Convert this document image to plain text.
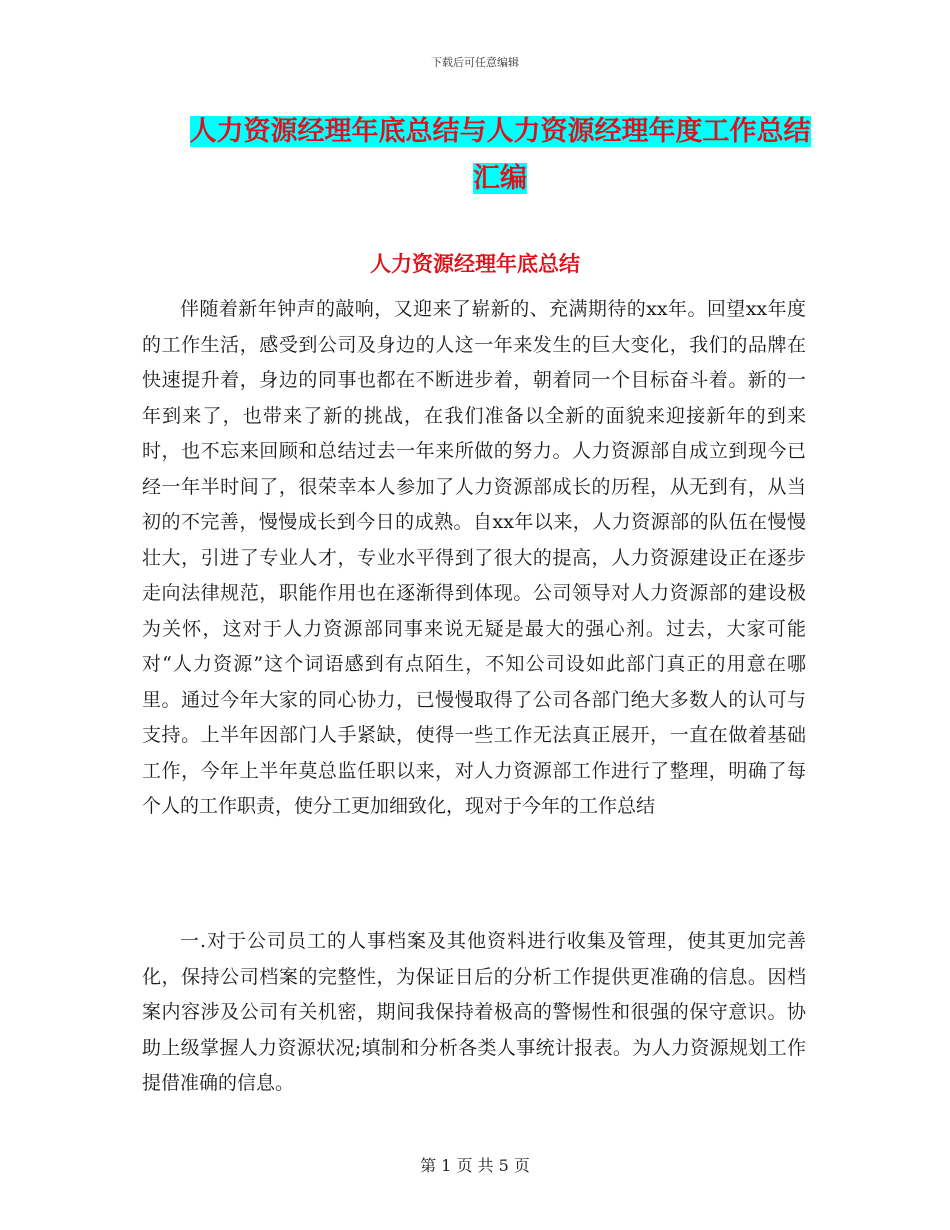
下载后可任意编辑
人力资源经理年底总结与人力资源经理年度工作总结汇编
人力资源经理年底总结

伴随着新年钟声的敲响，又迎来了崭新的、充满期待的xx年。回望xx年度的工作生活，感受到公司及身边的人这一年来发生的巨大变化，我们的品牌在快速提升着，身边的同事也都在不断进步着，朝着同一个目标奋斗着。新的一年到来了，也带来了新的挑战，在我们准备以全新的面貌来迎接新年的到来时，也不忘来回顾和总结过去一年来所做的努力。人力资源部自成立到现今已经一年半时间了，很荣幸本人参加了人力资源部成长的历程，从无到有，从当初的不完善，慢慢成长到今日的成熟。自xx年以来，人力资源部的队伍在慢慢壮大，引进了专业人才，专业水平得到了很大的提高，人力资源建设正在逐步走向法律规范，职能作用也在逐渐得到体现。公司领导对人力资源部的建设极为关怀，这对于人力资源部同事来说无疑是最大的强心剂。过去，大家可能对“人力资源”这个词语感到有点陌生，不知公司设如此部门真正的用意在哪里。通过今年大家的同心协力，已慢慢取得了公司各部门绝大多数人的认可与支持。上半年因部门人手紧缺，使得一些工作无法真正展开，一直在做着基础工作，今年上半年莫总监任职以来，对人力资源部工作进行了整理，明确了每个人的工作职责，使分工更加细致化，现对于今年的工作总结

一.对于公司员工的人事档案及其他资料进行收集及管理，使其更加完善化，保持公司档案的完整性，为保证日后的分析工作提供更准确的信息。因档案内容涉及公司有关机密，期间我保持着极高的警惕性和很强的保守意识。协助上级掌握人力资源状况;填制和分析各类人事统计报表。为人力资源规划工作提借准确的信息。

第 1 页 共 5 页
